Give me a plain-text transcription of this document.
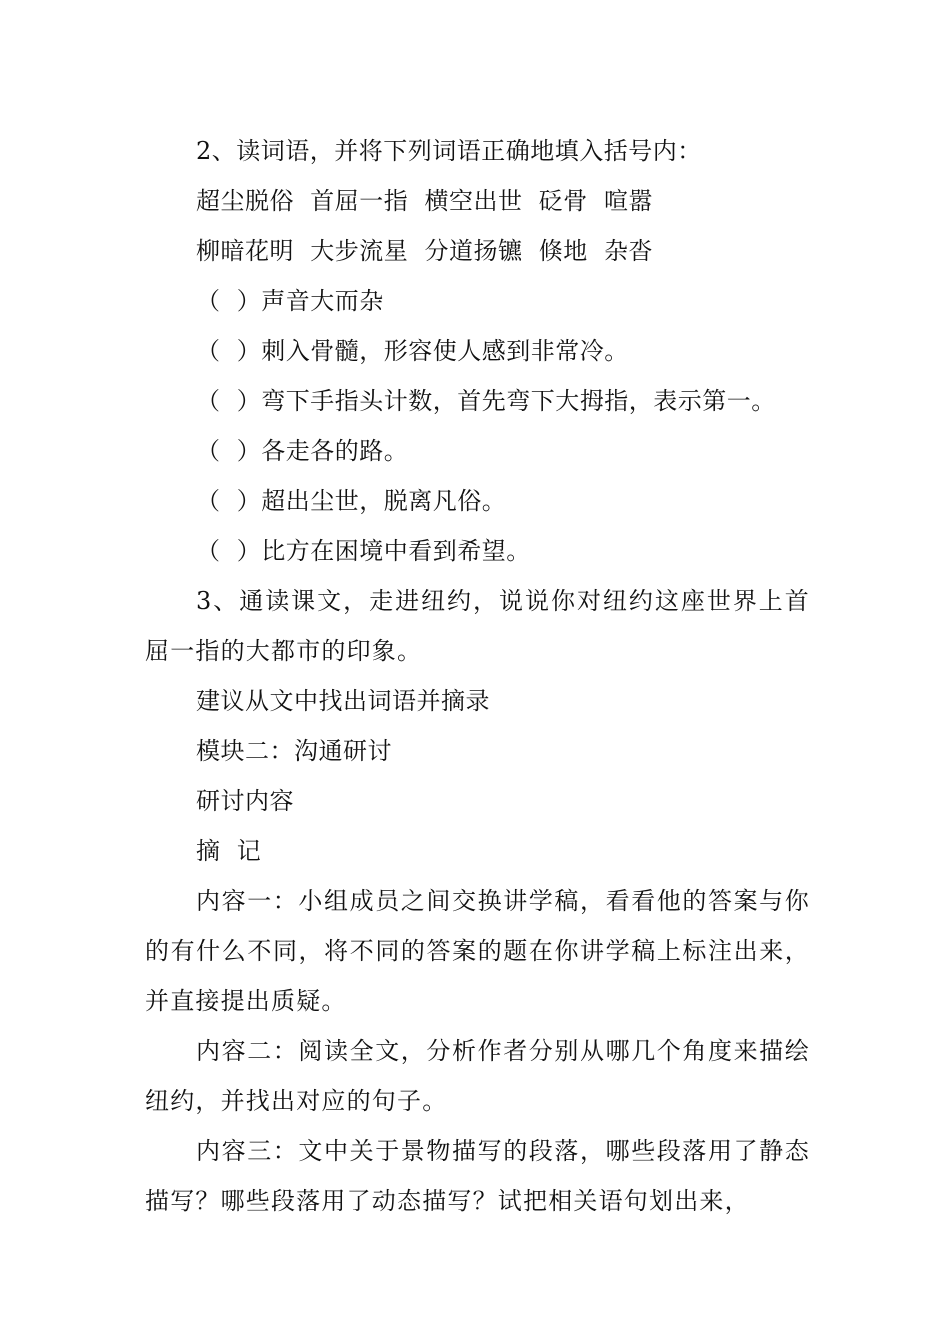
2、读词语，并将下列词语正确地填入括号内：
超尘脱俗  首屈一指  横空出世  砭骨  喧嚣
柳暗花明  大步流星  分道扬镳  倏地  杂沓
（  ）声音大而杂
（  ）刺入骨髓，形容使人感到非常冷。
（  ）弯下手指头计数，首先弯下大拇指，表示第一。
（  ）各走各的路。
（  ）超出尘世，脱离凡俗。
（  ）比方在困境中看到希望。
3、通读课文，走进纽约，说说你对纽约这座世界上首屈一指的大都市的印象。
建议从文中找出词语并摘录
模块二：沟通研讨
研讨内容
摘  记
内容一：小组成员之间交换讲学稿，看看他的答案与你的有什么不同，将不同的答案的题在你讲学稿上标注出来，并直接提出质疑。
内容二：阅读全文，分析作者分别从哪几个角度来描绘纽约，并找出对应的句子。
内容三：文中关于景物描写的段落，哪些段落用了静态描写？哪些段落用了动态描写？试把相关语句划出来，
